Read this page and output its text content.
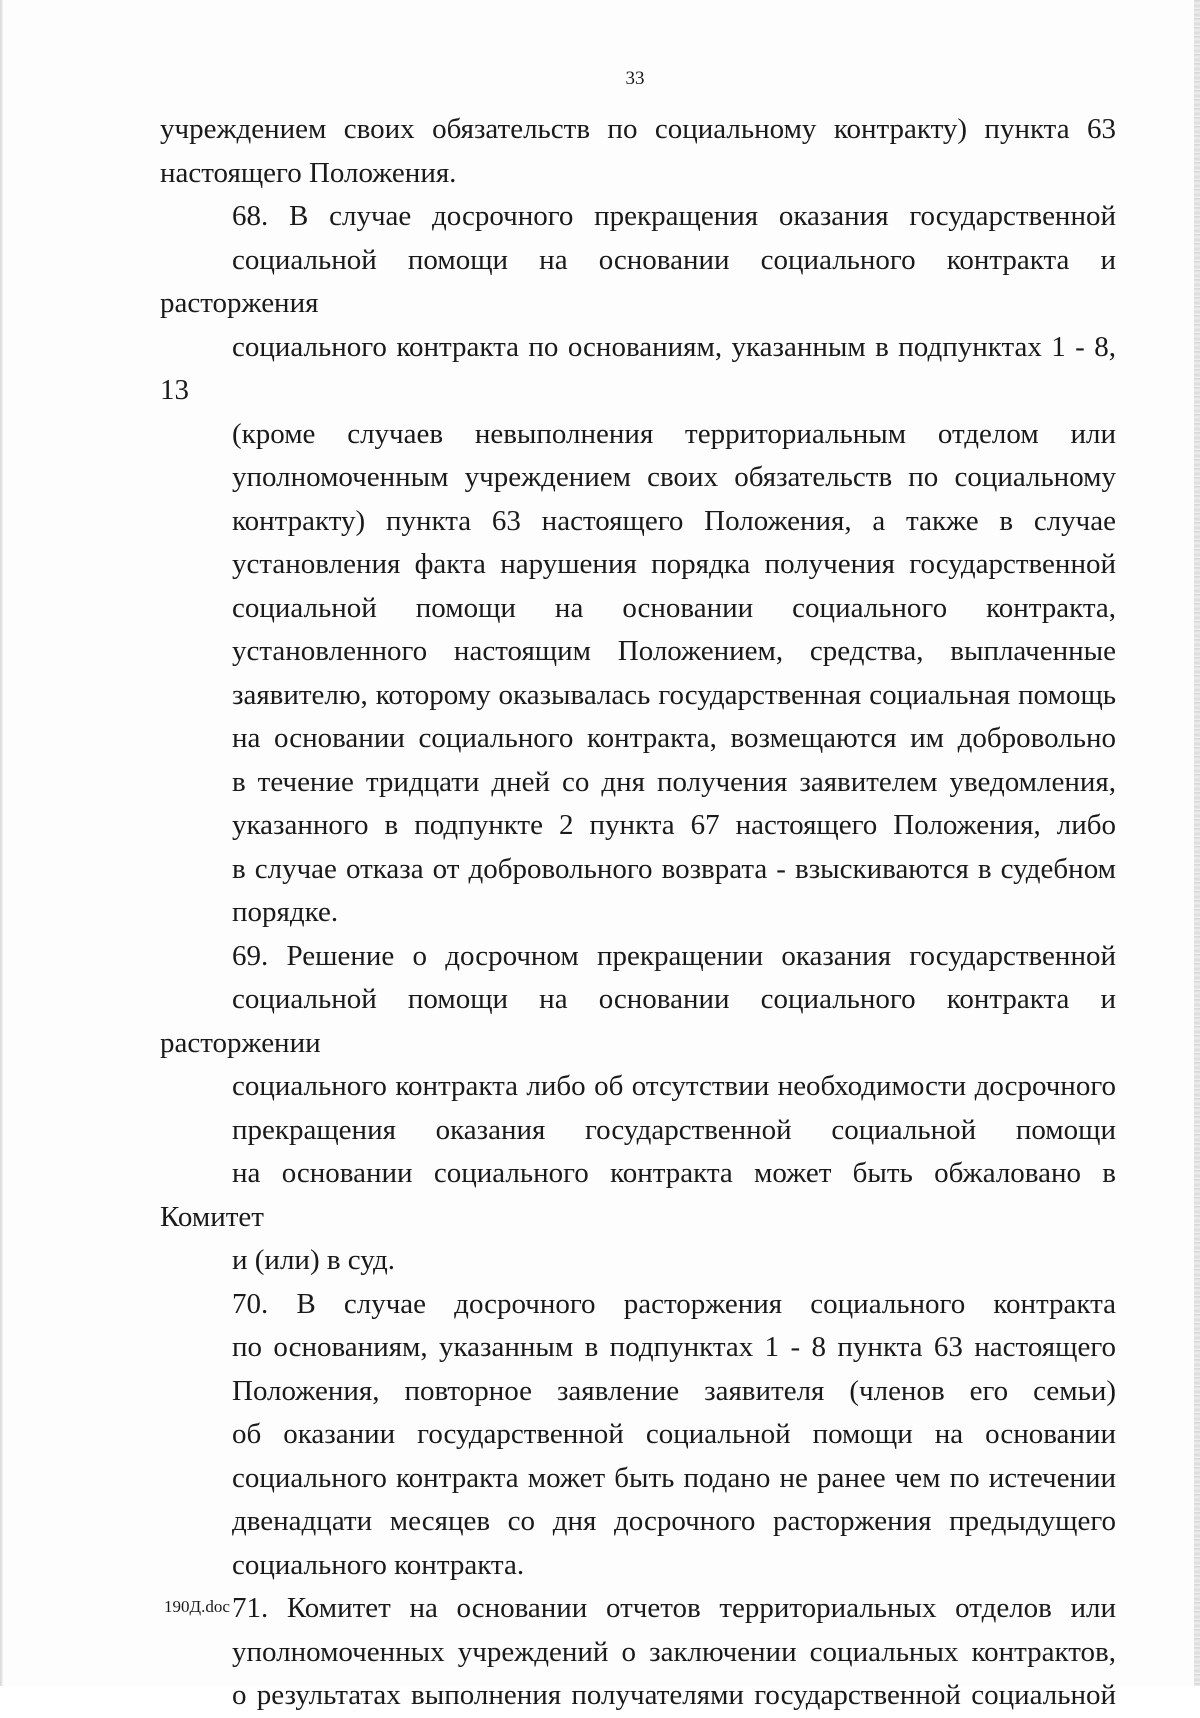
33

учреждением своих обязательств по социальному контракту) пункта 63
настоящего Положения.

68. В случае досрочного прекращения оказания государственной
социальной помощи на основании социального контракта и расторжения
социального контракта по основаниям, указанным в подпунктах 1 - 8, 13
(кроме случаев невыполнения территориальным отделом или
уполномоченным учреждением своих обязательств по социальному
контракту) пункта 63 настоящего Положения, а также в случае
установления факта нарушения порядка получения государственной
социальной помощи на основании социального контракта,
установленного настоящим Положением, средства, выплаченные
заявителю, которому оказывалась государственная социальная помощь
на основании социального контракта, возмещаются им добровольно
в течение тридцати дней со дня получения заявителем уведомления,
указанного в подпункте 2 пункта 67 настоящего Положения, либо
в случае отказа от добровольного возврата - взыскиваются в судебном
порядке.

69. Решение о досрочном прекращении оказания государственной
социальной помощи на основании социального контракта и расторжении
социального контракта либо об отсутствии необходимости досрочного
прекращения оказания государственной социальной помощи
на основании социального контракта может быть обжаловано в Комитет
и (или) в суд.

70. В случае досрочного расторжения социального контракта
по основаниям, указанным в подпунктах 1 - 8 пункта 63 настоящего
Положения, повторное заявление заявителя (членов его семьи)
об оказании государственной социальной помощи на основании
социального контракта может быть подано не ранее чем по истечении
двенадцати месяцев со дня досрочного расторжения предыдущего
социального контракта.

71. Комитет на основании отчетов территориальных отделов или
уполномоченных учреждений о заключении социальных контрактов,
о результатах выполнения получателями государственной социальной

190Д.doc
